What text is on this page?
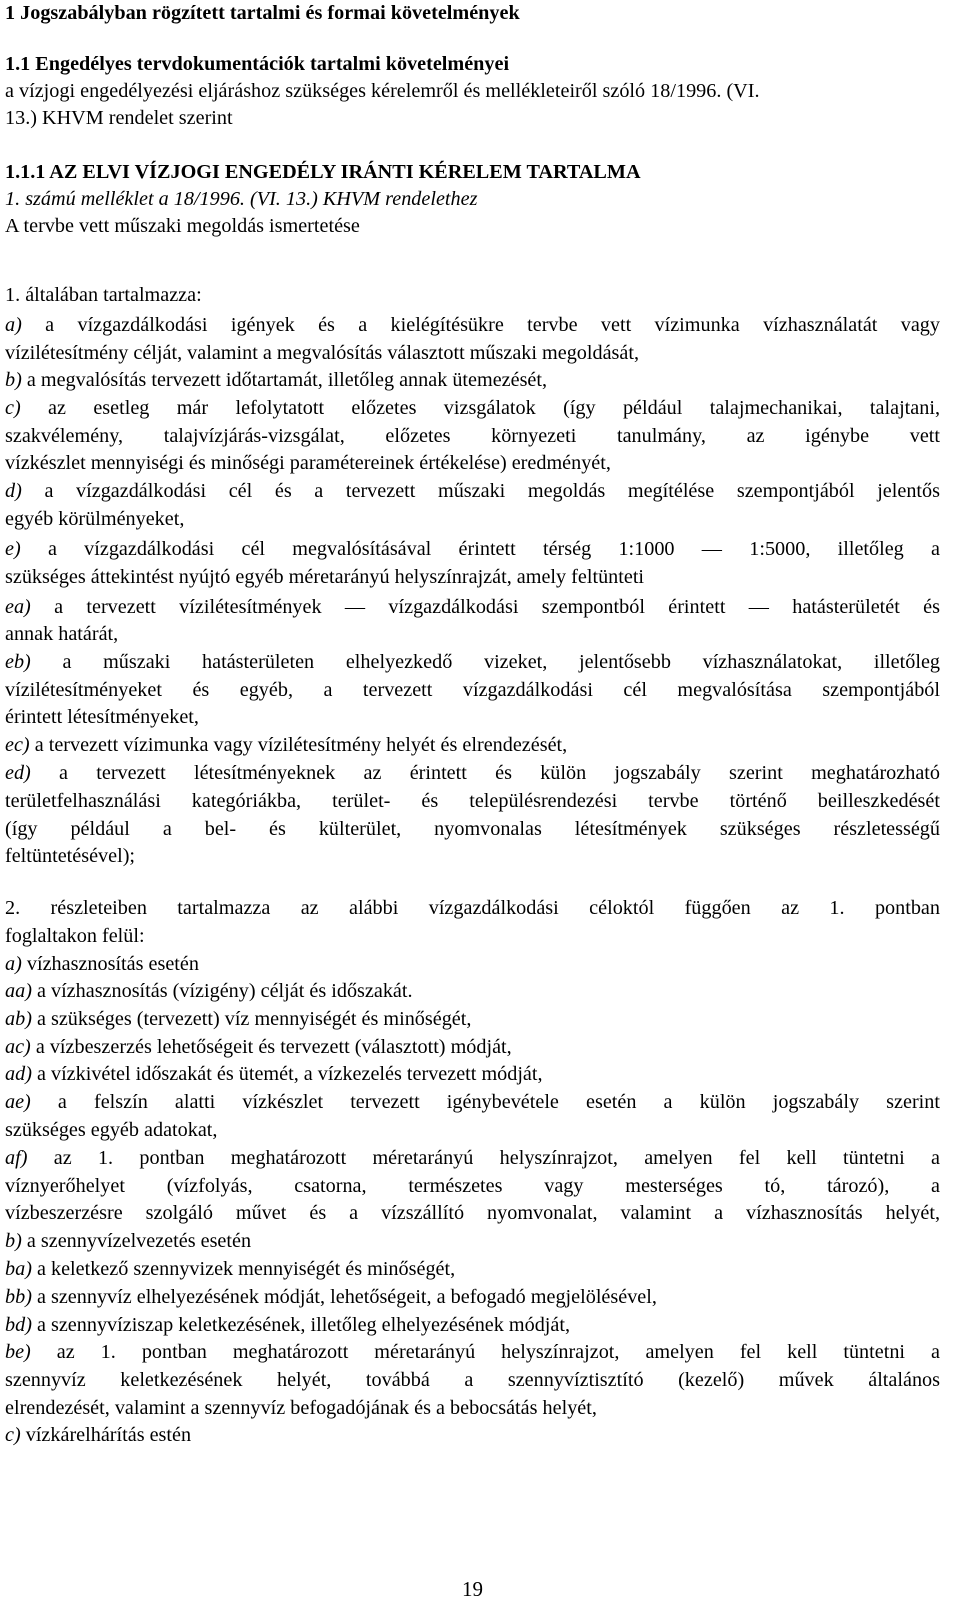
1 Jogszabályban rögzített tartalmi és formai követelmények
1.1 Engedélyes tervdokumentációk tartalmi követelményei
a vízjogi engedélyezési eljáráshoz szükséges kérelemről és mellékleteiről szóló 18/1996. (VI.
13.) KHVM rendelet szerint
1.1.1 AZ ELVI VÍZJOGI ENGEDÉLY IRÁNTI KÉRELEM TARTALMA
1. számú melléklet a 18/1996. (VI. 13.) KHVM rendelethez
A tervbe vett műszaki megoldás ismertetése
1. általában tartalmazza:
a) a vízgazdálkodási igények és a kielégítésükre tervbe vett vízimunka vízhasználatát vagy
vízilétesítmény célját, valamint a megvalósítás választott műszaki megoldását,
b) a megvalósítás tervezett időtartamát, illetőleg annak ütemezését,
c) az esetleg már lefolytatott előzetes vizsgálatok (így például talajmechanikai, talajtani,
szakvélemény, talajvízjárás-vizsgálat, előzetes környezeti tanulmány, az igénybe vett
vízkészlet mennyiségi és minőségi paramétereinek értékelése) eredményét,
d) a vízgazdálkodási cél és a tervezett műszaki megoldás megítélése szempontjából jelentős
egyéb körülményeket,
e) a vízgazdálkodási cél megvalósításával érintett térség 1:1000 — 1:5000, illetőleg a
szükséges áttekintést nyújtó egyéb méretarányú helyszínrajzát, amely feltünteti
ea) a tervezett vízilétesítmények — vízgazdálkodási szempontból érintett — hatásterületét és
annak határát,
eb) a műszaki hatásterületen elhelyezkedő vizeket, jelentősebb vízhasználatokat, illetőleg
vízilétesítményeket és egyéb, a tervezett vízgazdálkodási cél megvalósítása szempontjából
érintett létesítményeket,
ec) a tervezett vízimunka vagy vízilétesítmény helyét és elrendezését,
ed) a tervezett létesítményeknek az érintett és külön jogszabály szerint meghatározható
területfelhasználási kategóriákba, terület- és településrendezési tervbe történő beilleszkedését
(így például a bel- és külterület, nyomvonalas létesítmények szükséges részletességű
feltüntetésével);
2. részleteiben tartalmazza az alábbi vízgazdálkodási céloktól függően az 1. pontban
foglaltakon felül:
a) vízhasznosítás esetén
aa) a vízhasznosítás (vízigény) célját és időszakát.
ab) a szükséges (tervezett) víz mennyiségét és minőségét,
ac) a vízbeszerzés lehetőségeit és tervezett (választott) módját,
ad) a vízkivétel időszakát és ütemét, a vízkezelés tervezett módját,
ae) a felszín alatti vízkészlet tervezett igénybevétele esetén a külön jogszabály szerint
szükséges egyéb adatokat,
af) az 1. pontban meghatározott méretarányú helyszínrajzot, amelyen fel kell tüntetni a
víznyerőhelyet (vízfolyás, csatorna, természetes vagy mesterséges tó, tározó), a
vízbeszerzésre szolgáló művet és a vízszállító nyomvonalat, valamint a vízhasznosítás helyét,
b) a szennyvízelvezetés esetén
ba) a keletkező szennyvizek mennyiségét és minőségét,
bb) a szennyvíz elhelyezésének módját, lehetőségeit, a befogadó megjelölésével,
bd) a szennyvíziszap keletkezésének, illetőleg elhelyezésének módját,
be) az 1. pontban meghatározott méretarányú helyszínrajzot, amelyen fel kell tüntetni a
szennyvíz keletkezésének helyét, továbbá a szennyvíztisztító (kezelő) művek általános
elrendezését, valamint a szennyvíz befogadójának és a bebocsátás helyét,
c) vízkárelhárítás estén
19
